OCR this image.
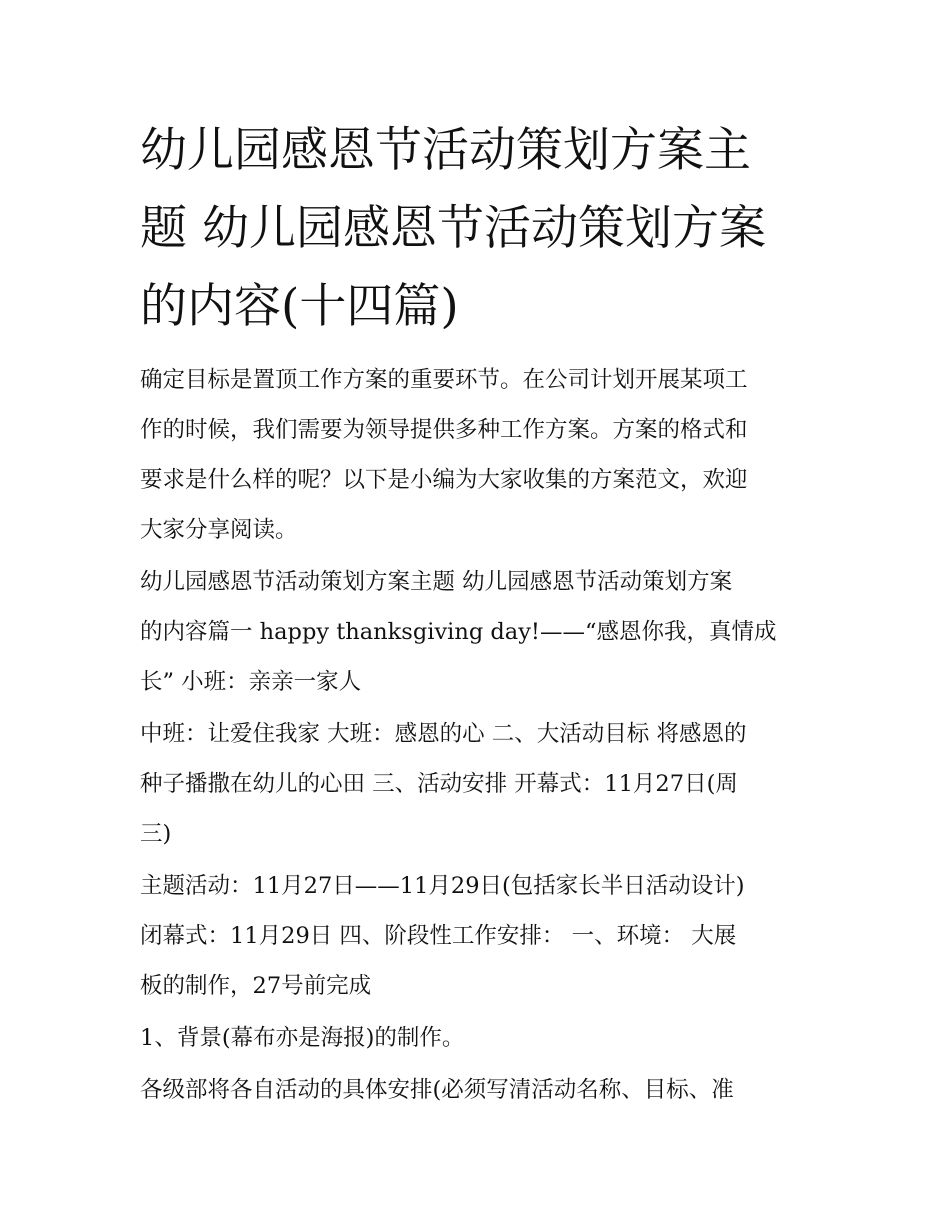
幼儿园感恩节活动策划方案主
题 幼儿园感恩节活动策划方案
的内容(十四篇)
确定目标是置顶工作方案的重要环节。在公司计划开展某项工
作的时候，我们需要为领导提供多种工作方案。方案的格式和
要求是什么样的呢？以下是小编为大家收集的方案范文，欢迎
大家分享阅读。
幼儿园感恩节活动策划方案主题 幼儿园感恩节活动策划方案
的内容篇一 happy thanksgiving day!——“感恩你我，真情成
长” 小班：亲亲一家人
中班：让爱住我家 大班：感恩的心 二、大活动目标 将感恩的
种子播撒在幼儿的心田 三、活动安排 开幕式：11月27日(周
三)
主题活动：11月27日——11月29日(包括家长半日活动设计)
闭幕式：11月29日 四、阶段性工作安排： 一、环境： 大展
板的制作，27号前完成
1、背景(幕布亦是海报)的制作。
各级部将各自活动的具体安排(必须写清活动名称、目标、准
